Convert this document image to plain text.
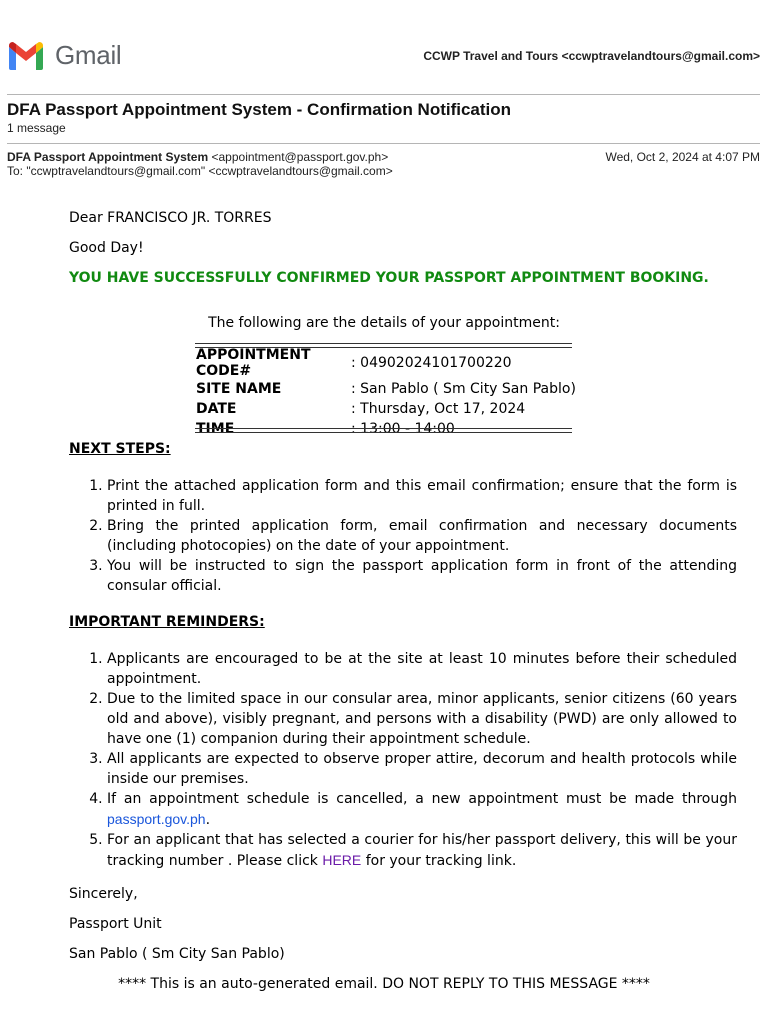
Gmail	CCWP Travel and Tours <ccwptravelandtours@gmail.com>
DFA Passport Appointment System - Confirmation Notification
1 message
DFA Passport Appointment System <appointment@passport.gov.ph>
To: "ccwptravelandtours@gmail.com" <ccwptravelandtours@gmail.com>
Wed, Oct 2, 2024 at 4:07 PM
Dear FRANCISCO JR. TORRES
Good Day!
YOU HAVE SUCCESSFULLY CONFIRMED YOUR PASSPORT APPOINTMENT BOOKING.
The following are the details of your appointment:
APPOINTMENT CODE#	: 04902024101700220
SITE NAME	: San Pablo ( Sm City San Pablo)
DATE	: Thursday, Oct 17, 2024
TIME	: 13:00 - 14:00
NEXT STEPS:
1. Print the attached application form and this email confirmation; ensure that the form is printed in full.
2. Bring the printed application form, email confirmation and necessary documents (including photocopies) on the date of your appointment.
3. You will be instructed to sign the passport application form in front of the attending consular official.
IMPORTANT REMINDERS:
1. Applicants are encouraged to be at the site at least 10 minutes before their scheduled appointment.
2. Due to the limited space in our consular area, minor applicants, senior citizens (60 years old and above), visibly pregnant, and persons with a disability (PWD) are only allowed to have one (1) companion during their appointment schedule.
3. All applicants are expected to observe proper attire, decorum and health protocols while inside our premises.
4. If an appointment schedule is cancelled, a new appointment must be made through passport.gov.ph.
5. For an applicant that has selected a courier for his/her passport delivery, this will be your tracking number . Please click HERE for your tracking link.
Sincerely,
Passport Unit
San Pablo ( Sm City San Pablo)
**** This is an auto-generated email. DO NOT REPLY TO THIS MESSAGE ****
